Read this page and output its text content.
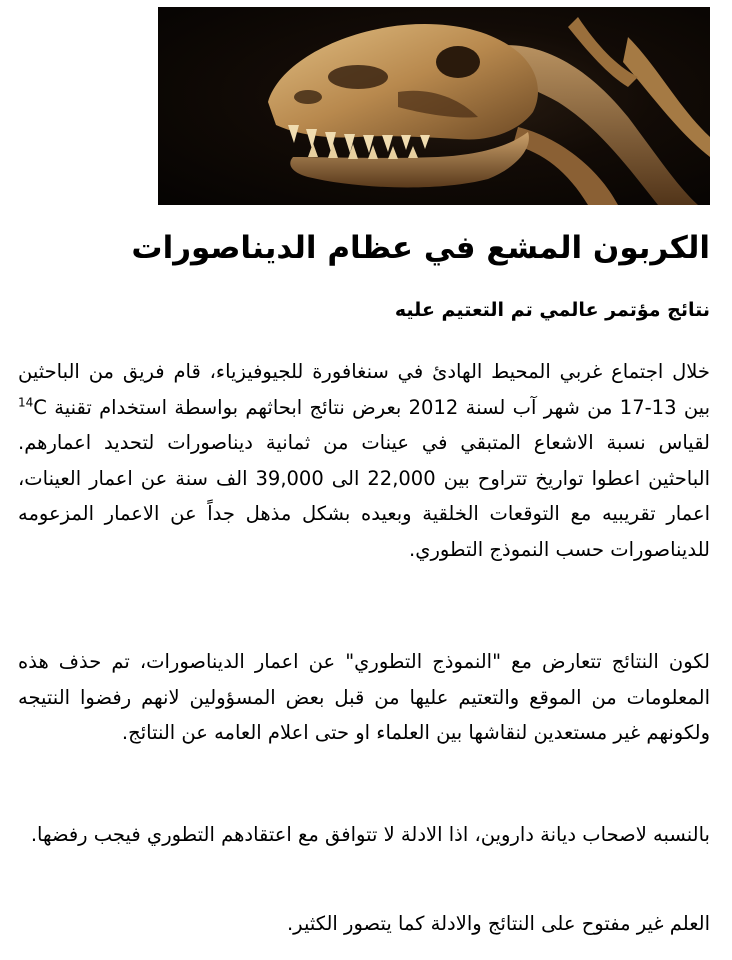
الكربون المشع في عظام الديناصورات
نتائج مؤتمر عالمي تم التعتيم عليه

خلال اجتماع غربي المحيط الهادئ في سنغافورة للجيوفيزياء، قام فريق من الباحثين بين 13-17 من شهر آب لسنة 2012 بعرض نتائج ابحاثهم بواسطة استخدام تقنية $^{14}$C لقياس نسبة الاشعاع المتبقي في عينات من ثمانية ديناصورات لتحديد اعمارهم. الباحثين اعطوا تواريخ تتراوح بين 22,000 الى 39,000 الف سنة عن اعمار العينات، اعمار تقريبيه مع التوقعات الخلقية وبعيده بشكل مذهل جداً عن الاعمار المزعومه للديناصورات حسب النموذج التطوري.

لكون النتائج تتعارض مع "النموذج التطوري" عن اعمار الديناصورات، تم حذف هذه المعلومات من الموقع والتعتيم عليها من قبل بعض المسؤولين لانهم رفضوا النتيجه ولكونهم غير مستعدين لنقاشها بين العلماء او حتى اعلام العامه عن النتائج.

بالنسبه لاصحاب ديانة داروين، اذا الادلة لا تتوافق مع اعتقادهم التطوري فيجب رفضها.

العلم غير مفتوح على النتائج والادلة كما يتصور الكثير.
